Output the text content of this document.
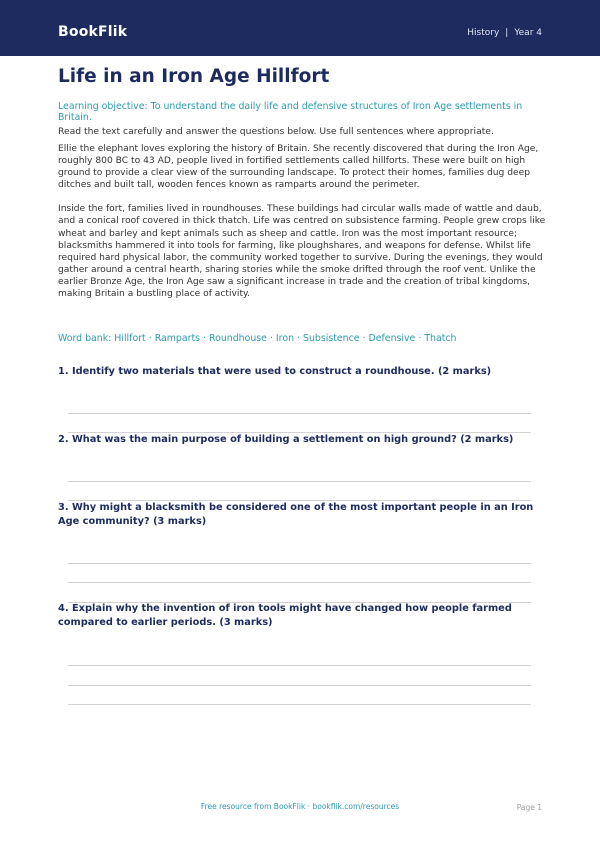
BookFlik	History | Year 4
Life in an Iron Age Hillfort
Learning objective: To understand the daily life and defensive structures of Iron Age settlements in Britain.
Read the text carefully and answer the questions below. Use full sentences where appropriate.

Ellie the elephant loves exploring the history of Britain. She recently discovered that during the Iron Age, roughly 800 BC to 43 AD, people lived in fortified settlements called hillforts. These were built on high ground to provide a clear view of the surrounding landscape. To protect their homes, families dug deep ditches and built tall, wooden fences known as ramparts around the perimeter.

Inside the fort, families lived in roundhouses. These buildings had circular walls made of wattle and daub, and a conical roof covered in thick thatch. Life was centred on subsistence farming. People grew crops like wheat and barley and kept animals such as sheep and cattle. Iron was the most important resource; blacksmiths hammered it into tools for farming, like ploughshares, and weapons for defense. Whilst life required hard physical labor, the community worked together to survive. During the evenings, they would gather around a central hearth, sharing stories while the smoke drifted through the roof vent. Unlike the earlier Bronze Age, the Iron Age saw a significant increase in trade and the creation of tribal kingdoms, making Britain a bustling place of activity.

Word bank: Hillfort · Ramparts · Roundhouse · Iron · Subsistence · Defensive · Thatch
1. Identify two materials that were used to construct a roundhouse. (2 marks)
2. What was the main purpose of building a settlement on high ground? (2 marks)
3. Why might a blacksmith be considered one of the most important people in an Iron Age community? (3 marks)
4. Explain why the invention of iron tools might have changed how people farmed compared to earlier periods. (3 marks)
Free resource from BookFlik · bookflik.com/resources	Page 1
